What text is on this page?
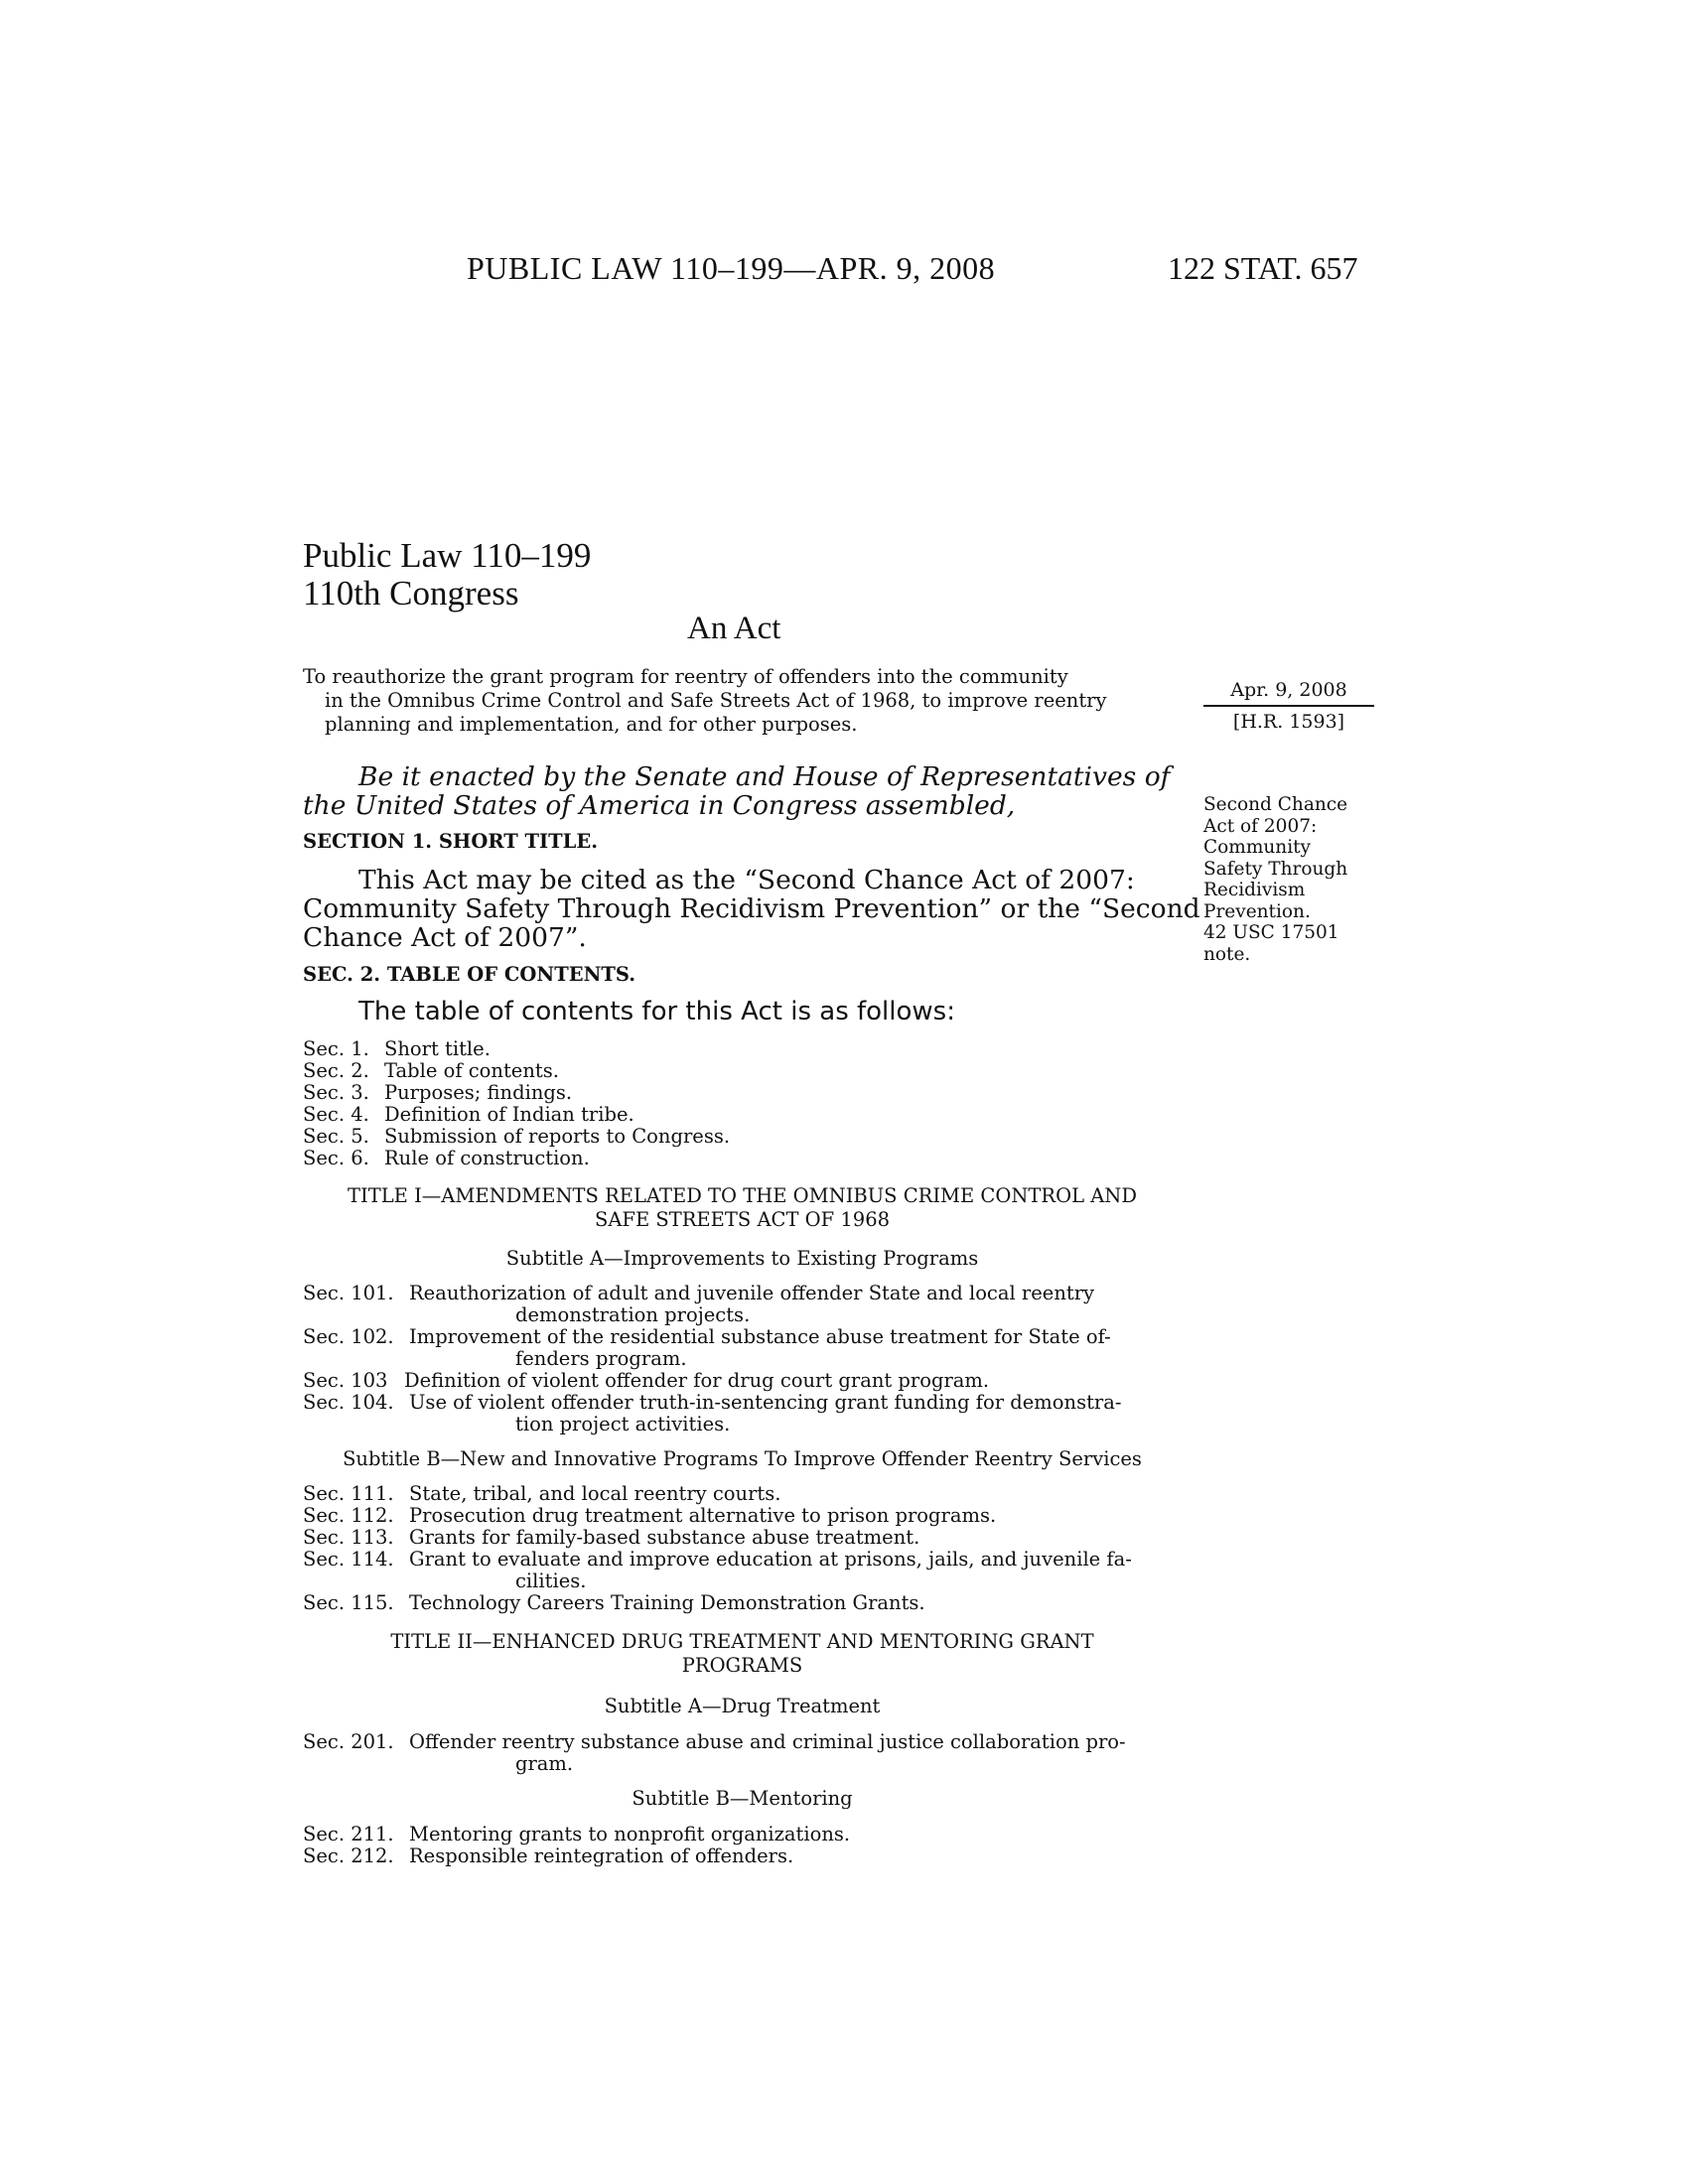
PUBLIC LAW 110–199—APR. 9, 2008	122 STAT. 657
Public Law 110–199
110th Congress
An Act
To reauthorize the grant program for reentry of offenders into the community
in the Omnibus Crime Control and Safe Streets Act of 1968, to improve reentry
planning and implementation, and for other purposes.
Apr. 9, 2008
[H.R. 1593]
Second Chance
Act of 2007:
Community
Safety Through
Recidivism
Prevention.
42 USC 17501
note.
Be it enacted by the Senate and House of Representatives of
the United States of America in Congress assembled,
SECTION 1. SHORT TITLE.
This Act may be cited as the “Second Chance Act of 2007:
Community Safety Through Recidivism Prevention” or the “Second
Chance Act of 2007”.
SEC. 2. TABLE OF CONTENTS.
The table of contents for this Act is as follows:
Sec. 1. Short title.
Sec. 2. Table of contents.
Sec. 3. Purposes; findings.
Sec. 4. Definition of Indian tribe.
Sec. 5. Submission of reports to Congress.
Sec. 6. Rule of construction.
TITLE I—AMENDMENTS RELATED TO THE OMNIBUS CRIME CONTROL AND
SAFE STREETS ACT OF 1968
Subtitle A—Improvements to Existing Programs
Sec. 101. Reauthorization of adult and juvenile offender State and local reentry
demonstration projects.
Sec. 102. Improvement of the residential substance abuse treatment for State of-
fenders program.
Sec. 103 Definition of violent offender for drug court grant program.
Sec. 104. Use of violent offender truth-in-sentencing grant funding for demonstra-
tion project activities.
Subtitle B—New and Innovative Programs To Improve Offender Reentry Services
Sec. 111. State, tribal, and local reentry courts.
Sec. 112. Prosecution drug treatment alternative to prison programs.
Sec. 113. Grants for family-based substance abuse treatment.
Sec. 114. Grant to evaluate and improve education at prisons, jails, and juvenile fa-
cilities.
Sec. 115. Technology Careers Training Demonstration Grants.
TITLE II—ENHANCED DRUG TREATMENT AND MENTORING GRANT
PROGRAMS
Subtitle A—Drug Treatment
Sec. 201. Offender reentry substance abuse and criminal justice collaboration pro-
gram.
Subtitle B—Mentoring
Sec. 211. Mentoring grants to nonprofit organizations.
Sec. 212. Responsible reintegration of offenders.
